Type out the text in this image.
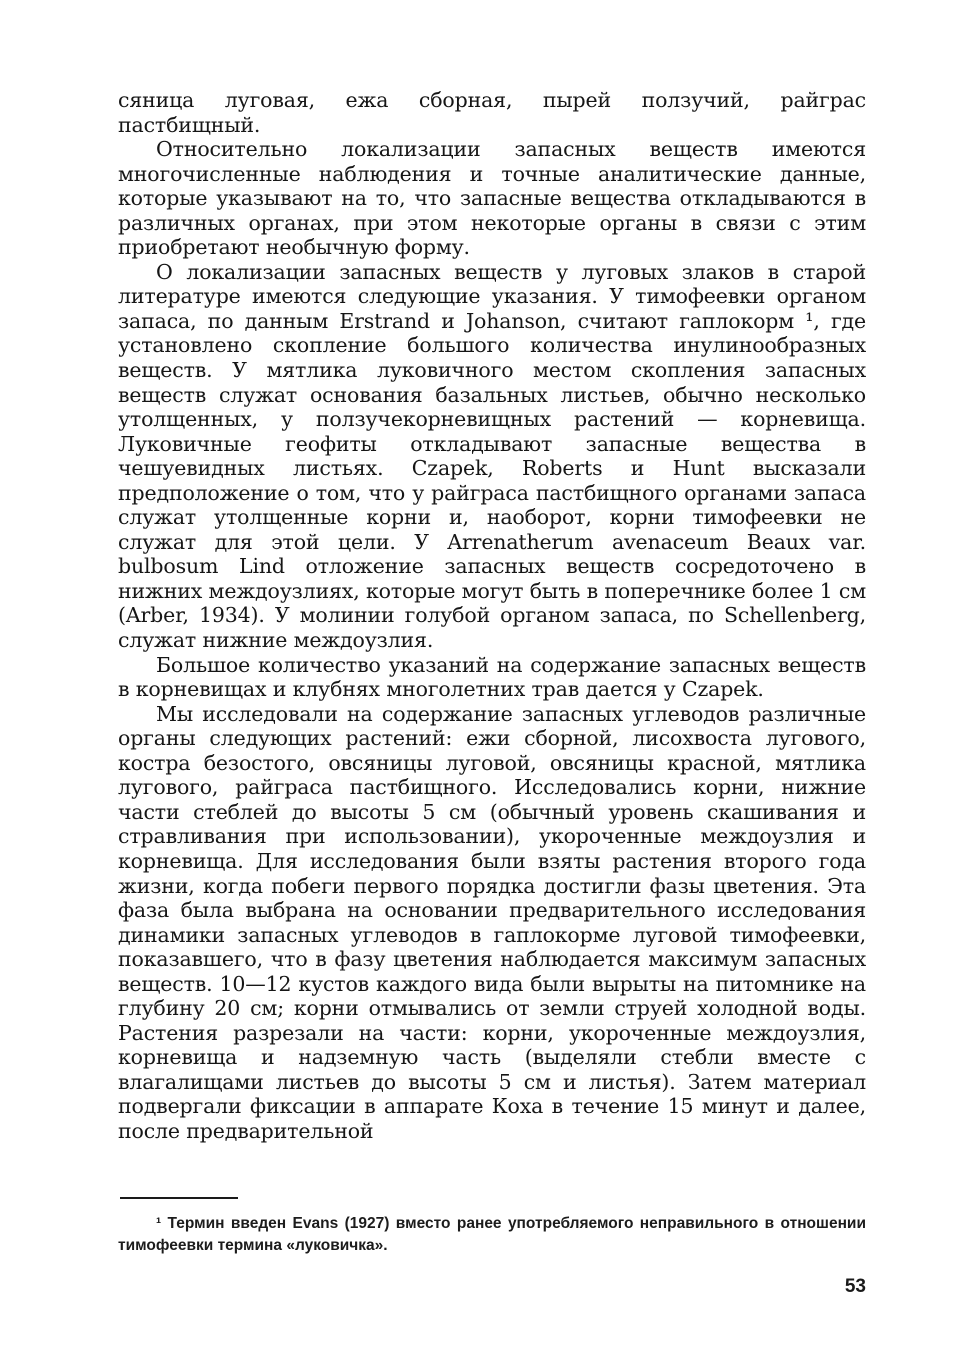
сяница луговая, ежа сборная, пырей ползучий, райграс пастбищный.

Относительно локализации запасных веществ имеются многочисленные наблюдения и точные аналитические данные, которые указывают на то, что запасные вещества откладываются в различных органах, при этом некоторые органы в связи с этим приобретают необычную форму.

О локализации запасных веществ у луговых злаков в старой литературе имеются следующие указания. У тимофеевки органом запаса, по данным Erstrand и Johanson, считают гаплокорм ¹, где установлено скопление большого количества инулинообразных веществ. У мятлика луковичного местом скопления запасных веществ служат основания базальных листьев, обычно несколько утолщенных, у ползучекорневищных растений — корневища. Луковичные геофиты откладывают запасные вещества в чешуевидных листьях. Czapek, Roberts и Hunt высказали предположение о том, что у райграса пастбищного органами запаса служат утолщенные корни и, наоборот, корни тимофеевки не служат для этой цели. У Arrenatherum avenaceum Beaux var. bulbosum Lind отложение запасных веществ сосредоточено в нижних междоузлиях, которые могут быть в поперечнике более 1 см (Arber, 1934). У молинии голубой органом запаса, по Schellenberg, служат нижние междоузлия.

Большое количество указаний на содержание запасных веществ в корневищах и клубнях многолетних трав дается у Czapek.

Мы исследовали на содержание запасных углеводов различные органы следующих растений: ежи сборной, лисохвоста лугового, костра безостого, овсяницы луговой, овсяницы красной, мятлика лугового, райграса пастбищного. Исследовались корни, нижние части стеблей до высоты 5 см (обычный уровень скашивания и стравливания при использовании), укороченные междоузлия и корневища. Для исследования были взяты растения второго года жизни, когда побеги первого порядка достигли фазы цветения. Эта фаза была выбрана на основании предварительного исследования динамики запасных углеводов в гаплокорме луговой тимофеевки, показавшего, что в фазу цветения наблюдается максимум запасных веществ. 10—12 кустов каждого вида были вырыты на питомнике на глубину 20 см; корни отмывались от земли струей холодной воды. Растения разрезали на части: корни, укороченные междоузлия, корневища и надземную часть (выделяли стебли вместе с влагалищами листьев до высоты 5 см и листья). Затем материал подвергали фиксации в аппарате Коха в течение 15 минут и далее, после предварительной

¹ Термин введен Evans (1927) вместо ранее употребляемого неправильного в отношении тимофеевки термина «луковичка».

53
